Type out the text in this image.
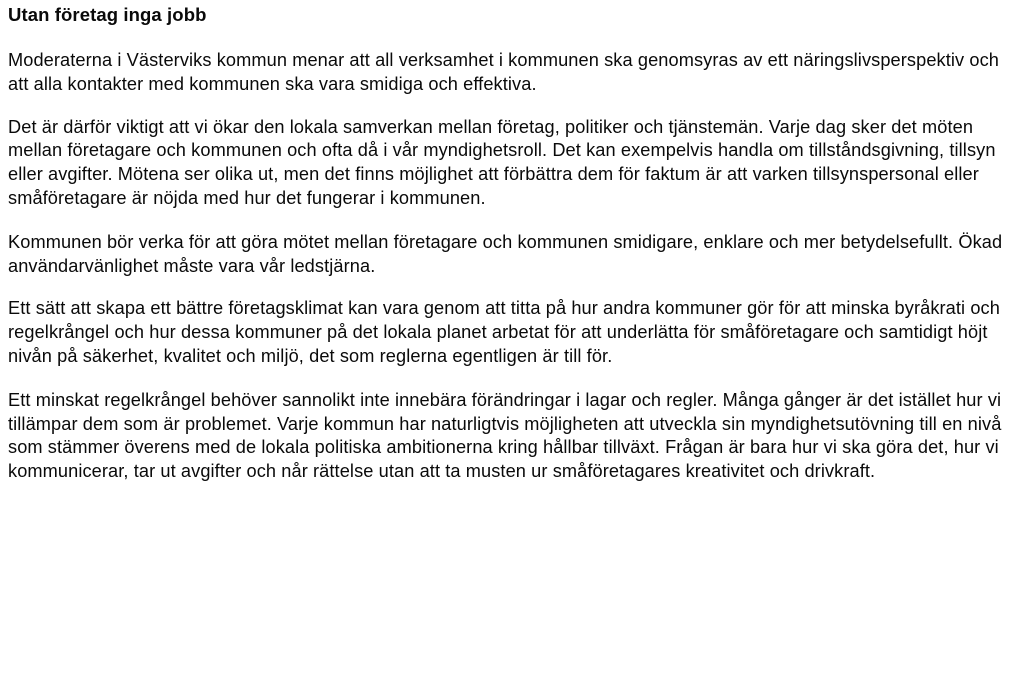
Utan företag inga jobb

Moderaterna i Västerviks kommun menar att all verksamhet i kommunen ska genomsyras av ett näringslivsperspektiv och att alla kontakter med kommunen ska vara smidiga och effektiva.

Det är därför viktigt att vi ökar den lokala samverkan mellan företag, politiker och tjänstemän. Varje dag sker det möten mellan företagare och kommunen och ofta då i vår myndighetsroll. Det kan exempelvis handla om tillståndsgivning, tillsyn eller avgifter. Mötena ser olika ut, men det finns möjlighet att förbättra dem för faktum är att varken tillsynspersonal eller småföretagare är nöjda med hur det fungerar i kommunen.

Kommunen bör verka för att göra mötet mellan företagare och kommunen smidigare, enklare och mer betydelsefullt. Ökad användarvänlighet måste vara vår ledstjärna.

Ett sätt att skapa ett bättre företagsklimat kan vara genom att titta på hur andra kommuner gör för att minska byråkrati och regelkrångel och hur dessa kommuner på det lokala planet arbetat för att underlätta för småföretagare och samtidigt höjt nivån på säkerhet, kvalitet och miljö, det som reglerna egentligen är till för.

Ett minskat regelkrångel behöver sannolikt inte innebära förändringar i lagar och regler. Många gånger är det istället hur vi tillämpar dem som är problemet. Varje kommun har naturligtvis möjligheten att utveckla sin myndighetsutövning till en nivå som stämmer överens med de lokala politiska ambitionerna kring hållbar tillväxt. Frågan är bara hur vi ska göra det, hur vi kommunicerar, tar ut avgifter och når rättelse utan att ta musten ur småföretagares kreativitet och drivkraft.
